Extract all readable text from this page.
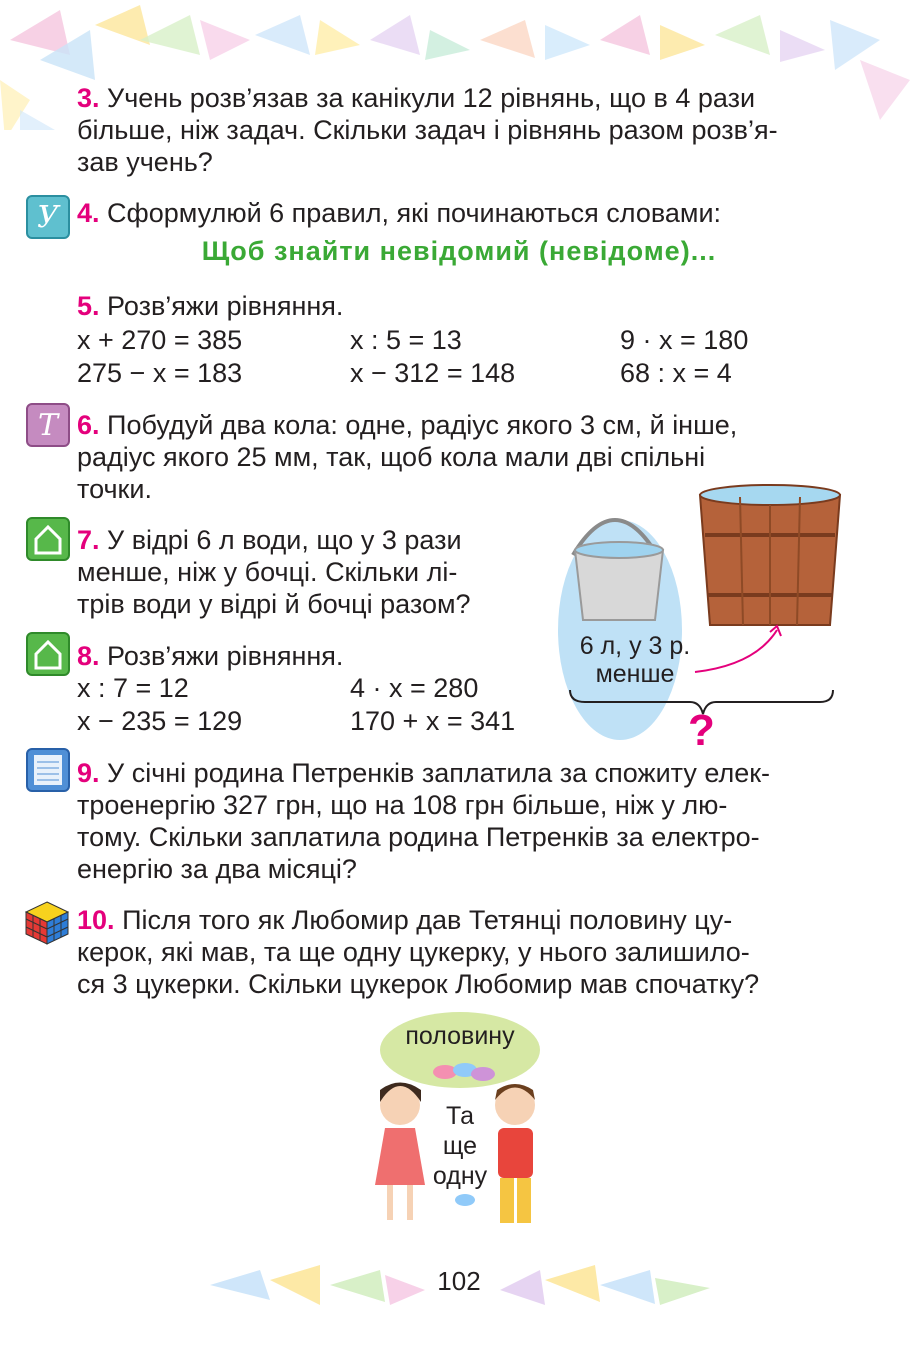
3. Учень розв’язав за канікули 12 рівнянь, що в 4 рази

більше, ніж задач. Скільки задач і рівнянь разом розв’я-

зав учень?

У 4. Сформулюй 6 правил, які починаються словами:

Щоб знайти невідомий (невідоме)...

5. Розв’яжи рівняння.

x + 270 = 385	x : 5 = 13	9 · x = 180
275 − x = 183	x − 312 = 148	68 : x = 4
Т 6. Побудуй два кола: одне, радіус якого 3 см, й інше,

радіус якого 25 мм, так, щоб кола мали дві спільні

точки.

7. У відрі 6 л води, що у 3 рази

менше, ніж у бочці. Скільки лі-

трів води у відрі й бочці разом?

6 л, у 3 р.
менше
?

8. Розв’яжи рівняння.

x : 7 = 12	4 · x = 280
x − 235 = 129	170 + x = 341

9. У січні родина Петренків заплатила за спожиту елек-

троенергію 327 грн, що на 108 грн більше, ніж у лю-

тому. Скільки заплатила родина Петренків за електро-

енергію за два місяці?

10. Після того як Любомир дав Тетянці половину цу-

керок, які мав, та ще одну цукерку, у нього залишило-

ся 3 цукерки. Скільки цукерок Любомир мав спочатку?

половину
Та
ще
одну
102
